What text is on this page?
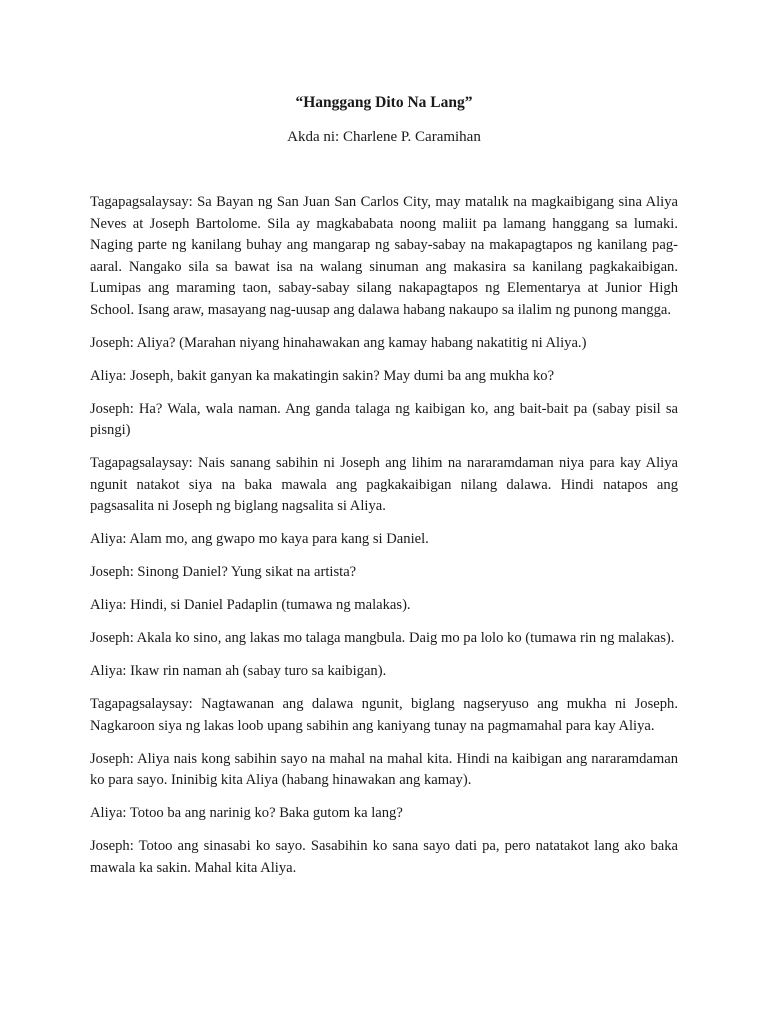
“Hanggang Dito Na Lang”
Akda ni: Charlene P. Caramihan

Tagapagsalaysay: Sa Bayan ng San Juan San Carlos City, may matalık na magkaibigang sina Aliya Neves at Joseph Bartolome. Sila ay magkababata noong maliit pa lamang hanggang sa lumaki. Naging parte ng kanilang buhay ang mangarap ng sabay-sabay na makapagtapos ng kanilang pag-aaral. Nangako sila sa bawat isa na walang sinuman ang makasira sa kanilang pagkakaibigan. Lumipas ang maraming taon, sabay-sabay silang nakapagtapos ng Elementarya at Junior High School. Isang araw, masayang nag-uusap ang dalawa habang nakaupo sa ilalim ng punong mangga.

Joseph: Aliya? (Marahan niyang hinahawakan ang kamay habang nakatitig ni Aliya.)

Aliya: Joseph, bakit ganyan ka makatingin sakin? May dumi ba ang mukha ko?

Joseph: Ha? Wala, wala naman. Ang ganda talaga ng kaibigan ko, ang bait-bait pa (sabay pisil sa pisngi)

Tagapagsalaysay: Nais sanang sabihin ni Joseph ang lihim na nararamdaman niya para kay Aliya ngunit natakot siya na baka mawala ang pagkakaibigan nilang dalawa. Hindi natapos ang pagsasalita ni Joseph ng biglang nagsalita si Aliya.

Aliya: Alam mo, ang gwapo mo kaya para kang si Daniel.

Joseph: Sinong Daniel? Yung sikat na artista?

Aliya: Hindi, si Daniel Padaplin (tumawa ng malakas).

Joseph: Akala ko sino, ang lakas mo talaga mangbula. Daig mo pa lolo ko (tumawa rin ng malakas).

Aliya: Ikaw rin naman ah (sabay turo sa kaibigan).

Tagapagsalaysay: Nagtawanan ang dalawa ngunit, biglang nagseryuso ang mukha ni Joseph. Nagkaroon siya ng lakas loob upang sabihin ang kaniyang tunay na pagmamahal para kay Aliya.

Joseph: Aliya nais kong sabihin sayo na mahal na mahal kita. Hindi na kaibigan ang nararamdaman ko para sayo. Ininibig kita Aliya (habang hinawakan ang kamay).

Aliya: Totoo ba ang narinig ko? Baka gutom ka lang?

Joseph: Totoo ang sinasabi ko sayo. Sasabihin ko sana sayo dati pa, pero natatakot lang ako baka mawala ka sakin. Mahal kita Aliya.
